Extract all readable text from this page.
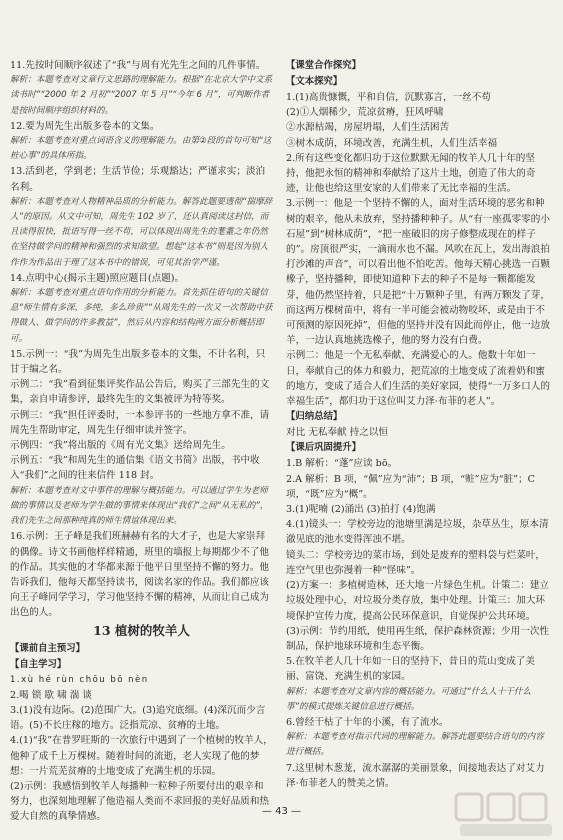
11.先按时间顺序叙述了“我”与周有光先生之间的几件事情。

解析：本题考查对文章行文思路的理解能力。根据“在北京大学中文系读书时”“2000 年 2 月初”“2007 年 5 月”“今年 6 月”，可判断作者是按时间顺序组织材料的。

12.要为周先生出版多卷本的文集。

解析：本题考查对重点词语含义的理解能力。由第②段的首句可知“这桩心事”的具体所指。

13.活到老，学到老；生活节俭；乐观豁达；严谨求实；淡泊名利。

解析：本题考查对人物精神品质的分析能力。解答此题要透彻“揣摩辞人”的原因。从文中可知，周先生 102 岁了，还认真阅读这封信，而且读得很快，批语写得一丝不苟，可以体现出周先生的耄耋之年仍然在坚持做学问的精神和强烈的求知欲望。想起“这本书”则是因为别人作作为作品出于理了这本书中的错误，可见其治学严谨。

14.点明中心(揭示主题)照应题目(点题)。

解析：本题考查对重点语句作用的分析能力。首先抓住语句的关键信息“师生情有多深，多纯，多么珍贵”“从周先生的一次又一次帮助中获得做人、做学问的许多教益”，然后从内容和结构两方面分析概括即可。

15.示例一：“我”为周先生出版多卷本的文集，不计名利，只甘于编之名。

示例二：“我”看到征集评奖作品公告后，购买了三部先生的文集，亲自申请参评，最终先生的文集被评为特等奖。

示例三：“我”担任评委时，一本参评书的一些地方拿不准，请周先生帮助审定，周先生仔细审读并签字。

示例四：“我”将出版的《周有光文集》送给周先生。

示例五：“我”和周先生的通信集《语文书简》出版，书中收入“我们”之间的往来信件 118 封。

解析：本题考查对文中事件的理解与概括能力。可以通过学生为老师做的事情以及老师为学生做的事情来体现出“我们”之间“从无私的”，我们先生之间那种纯真的师生情谊体现出来。

16.示例：王子峰是我们班赫赫有名的大才子，也是大家崇拜的偶像。诗文书画他样样精通，班里的墙报上每期都少不了他的作品。其实他的才华都来源于他平日里坚持不懈的努力。他告诉我们，他每天都坚持读书，阅读名家的作品。我们都应该向王子峰同学学习，学习他坚持不懈的精神，从而让自己成为出色的人。

13 植树的牧羊人

【课前自主预习】

【自主学习】

1.xù hé rùn chōu bō nèn

2.喝 锁 歇 啸 湍 谈

3.(1)没有边际。(2)范围广大。(3)追究底细。(4)深沉而少言语。(5)不长庄稼的地方。泛指荒凉、贫瘠的土地。

4.(1)“我”在普罗旺斯的一次旅行中遇到了一个植树的牧羊人，他种了成千上万棵树。随着时间的流逝，老人实现了他的梦想：一片荒芜贫瘠的土地变成了充满生机的乐园。

(2)示例：我感悟到牧羊人每播种一粒种子所要付出的艰辛和努力，也深刻地理解了他造福人类而不求回报的美好品质和热爱大自然的真挚情感。

【课堂合作探究】

【文本探究】

1.(1)高贵慷慨，平和自信，沉默寡言，一丝不苟

(2)①人烟稀少，荒凉贫瘠，狂风呼啸

②水源枯竭，房屋坍塌，人们生活困苦

③树木成荫，环境改善，充满生机，人们生活幸福

2.所有这些变化都归功于这位默默无闻的牧羊人几十年的坚持，他把永恒的精神和奉献给了这片土地，创造了伟大的奇迹，让他也给这里安家的人们带来了无比幸福的生活。

3.示例一：他是一个坚持不懈的人，面对生活环境的恶劣和种树的艰辛，他从未放弃，坚持播种种子。从“有一座孤零零的小石屋”到“树林成荫”，“把一座破旧的房子修整成现在的样子的”。房顶很严实，一滴雨水也不漏。风吹在瓦上，发出海浪拍打沙滩的声音”，可以看出他不怕吃苦。他每天精心挑选一百颗橡子，坚持播种，即使知道种下去的种子不是每一颗都能发芽，他仍然坚持着，只是把“十万颗种子里，有两万颗发了芽，而这两万棵树苗中，将有一半可能会被动物咬坏，或是由于不可预测的原因死掉”，但他的坚持并没有因此而停止，他一边放羊，一边认真地挑选橡子，他的努力没有白费。

示例二：他是一个无私奉献、充满爱心的人。他数十年如一日，奉献自己的体力和毅力，把荒凉的土地变成了流着奶和蜜的地方，变成了适合人们生活的美好家园，使得“一万多口人的幸福生活”，都归功于这位叫艾力泽·布菲的老人”。

【归纳总结】

对比 无私奉献 持之以恒

【课后巩固提升】

1.B 解析：“蓬”应读 bō。

2.A 解析：B 项，“佩”应为“沛”；B 项，“赃”应为“脏”；C 项，“既”应为“概”。

3.(1)呢喃 (2)涌出 (3)拍打 (4)饱满

4.(1)镜头一：学校旁边的池塘里满是垃圾，杂草丛生，原本清澈见底的池水变得浑浊不堪。

镜头二：学校旁边的菜市场，到处是废弃的塑料袋与烂菜叶，连空气里也弥漫着一种“怪味”。

(2)方案一：多植树造林，还大地一片绿色生机。计策二：建立垃圾处理中心，对垃圾分类存放，集中处理。计策三：加大环境保护宣传力度，提高公民环保意识，自觉保护公共环境。

(3)示例：节约用纸，使用再生纸，保护森林资源；少用一次性制品，保护地球环境和生态平衡。

5.在牧羊老人几十年如一日的坚持下，昔日的荒山变成了美丽、富饶、充满生机的家园。

解析：本题考查对文章内容的概括能力。可通过“什么人十干什么事”的模式提炼关键信息进行概括。

6.曾经干枯了十年的小溪，有了流水。

解析：本题考查对指示代词的理解能力。解答此题要结合语句的内容进行概括。

7.这里树木葱茏，流水潺潺的美丽景象，间接地表达了对艾力泽·布菲老人的赞美之情。

— 43 —
